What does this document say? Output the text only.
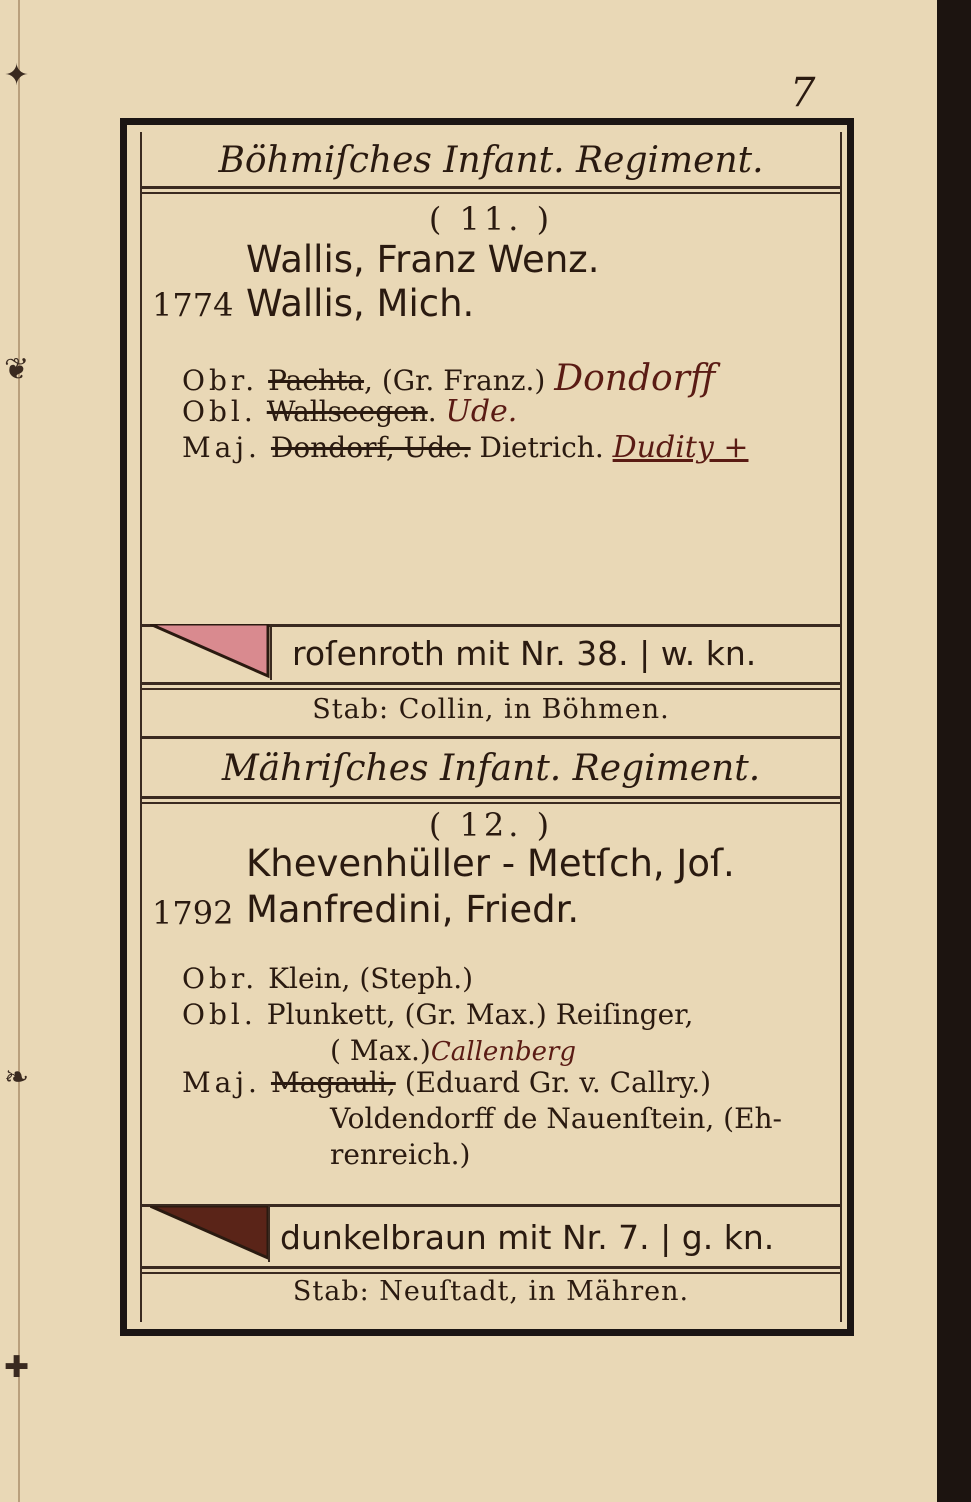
✦
❦
❧
✚
7
Böhmiſches Infant. Regiment.
( 11. )
Wallis, Franz Wenz.
1774 Wallis, Mich.
Obr. Pachta, (Gr. Franz.) Dondorff
Obl. Wallseegen. Ude.
Maj. Dondorf, Ude. Dietrich. Dudity +
roſenroth mit Nr. 38. | w. kn.
Stab: Collin, in Böhmen.
Mähriſches Infant. Regiment.
( 12. )
Khevenhüller - Metſch, Joſ.
1792 Manfredini, Friedr.
Obr. Klein, (Steph.)
Obl. Plunkett, (Gr. Max.) Reiſinger,
( Max.)Callenberg
Maj. Magauli, (Eduard Gr. v. Callry.)
Voldendorff de Nauenſtein, (Eh-
renreich.)
dunkelbraun mit Nr. 7. | g. kn.
Stab: Neuſtadt, in Mähren.
